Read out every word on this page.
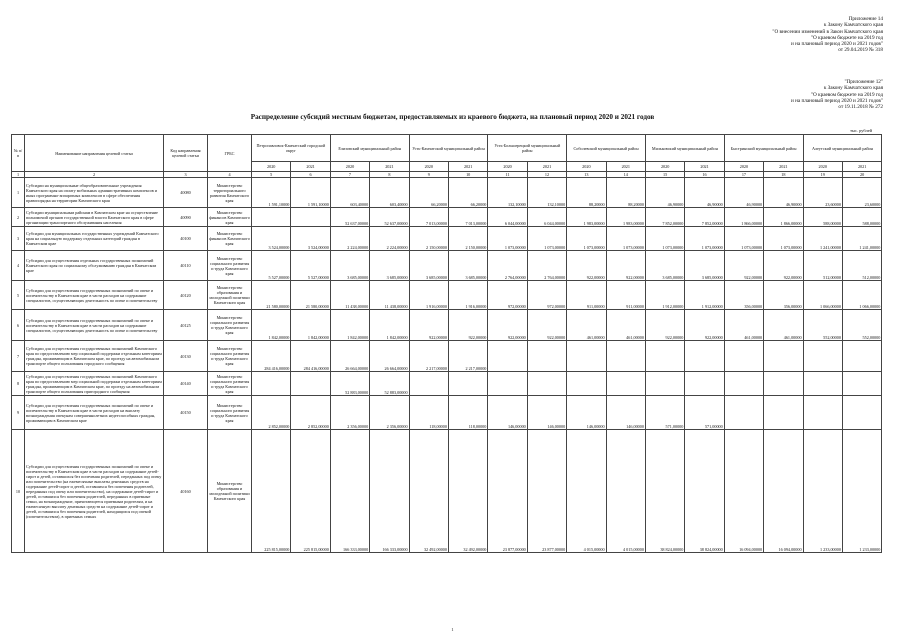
Приложение 14
к Закону Камчатского края
"О внесении изменений в Закон Камчатского края
"О краевом бюджете на 2019 год
и на плановый период 2020 и 2021 годов"
от 29.04.2019 № 318
"Приложение 12"
к Закону Камчатского края
"О краевом бюджете на 2019 год
и на плановый период 2020 и 2021 годов"
от 19.11.2018 № 272
Распределение субсидий местным бюджетам, предоставляемых из краевого бюджета, на плановый период 2020 и 2021 годов
тыс. рублей
№ п/п	Наименование направления целевой статьи	Код направления целевой статьи	ГРБС	Петропавловск-Камчатский городской округ		Елизовский муниципальный район		Усть-Камчатский муниципальный район		Усть-Большерецкий муниципальный район		Соболевский муниципальный район		Мильковский муниципальный район		Быстринский муниципальный район		Алеутский муниципальный район	
				2020	2021	2020	2021	2020	2021	2020	2021	2020	2021	2020	2021	2020	2021	2020	2021
1	2	3	4	5	6	7	8	9	10	11	12	13	14	15	16	17	18	19	20
1	Субсидии на муниципальные общеобразовательные учреждения Камчатского края на оплату мобильных административных комплексов и иных программно-аппаратных комплексов в сфере обеспечения правопорядка на территории Камчатского края	40080	Министерство территориального развития Камчатского края	1 591,10000	1 591,10000	603,40000	603,40000	66,20000	66,20000	132,10000	132,10000	88,20000	88,20000	46,90000	46,90000	46,90000	46,90000	23,60000	23,60000
2	Субсидии муниципальным районам в Камчатском крае на осуществление полномочий органов государственной власти Камчатского края в сфере организации транспортного обслуживания населения	40090	Министерство финансов Камчатского края			52 637,00000	52 637,00000	7 013,00000	7 013,00000	6 044,00000	6 044,00000	1 983,00000	1 983,00000	7 852,00000	7 852,00000	1 866,00000	1 866,00000	588,00000	588,00000
3	Субсидии для муниципальных государственных учреждений Камчатского края на социальную поддержку отдельных категорий граждан в Камчатском крае	40100	Министерство финансов Камчатского края	3 524,00000	3 524,00000	2 224,00000	2 224,00000	2 150,00000	2 150,00000	1 073,00000	1 073,00000	1 073,00000	1 073,00000	1 073,00000	1 073,00000	1 073,00000	1 073,00000	1 241,00000	1 241,00000
4	Субсидии для осуществления отдельных государственных полномочий Камчатского края по социальному обслуживанию граждан в Камчатском крае	40110	Министерство социального развития и труда Камчатского края	5 527,00000	5 527,00000	3 685,00000	3 685,00000	3 685,00000	3 685,00000	2 764,00000	2 764,00000	922,00000	922,00000	3 685,00000	3 685,00000	922,00000	922,00000	512,00000	512,00000
5	Субсидии для осуществления государственных полномочий по опеке и попечительству в Камчатском крае в части расходов на содержание специалистов, осуществляющих деятельность по опеке и попечительству	40120	Министерство образования и молодежной политики Камчатского края	21 580,00000	21 580,00000	11 438,00000	11 438,00000	1 916,00000	1 916,00000	972,00000	972,00000	911,00000	911,00000	1 912,00000	1 912,00000	356,00000	356,00000	1 066,00000	1 066,00000
6	Субсидии для осуществления государственных полномочий по опеке и попечительству в Камчатском крае в части расходов на содержание специалистов, осуществляющих деятельность по опеке и попечительству	40125	Министерство социального развития и труда Камчатского края	1 842,00000	1 842,00000	1 842,00000	1 842,00000	922,00000	922,00000	922,00000	922,00000	461,00000	461,00000	922,00000	922,00000	461,00000	461,00000	552,00000	552,00000
7	Субсидии для осуществления государственных полномочий Камчатского края по предоставлению мер социальной поддержки отдельным категориям граждан, проживающим в Камчатском крае, по проезду на автомобильном транспорте общего пользования городского сообщения	40130	Министерство социального развития и труда Камчатского края	284 416,00000	284 416,00000	26 664,00000	26 664,00000	2 217,00000	2 217,00000										
8	Субсидии для осуществления государственных полномочий Камчатского края по предоставлению мер социальной поддержки отдельным категориям граждан, проживающим в Камчатском крае, по проезду на автомобильном транспорте общего пользования пригородного сообщения	40140	Министерство социального развития и труда Камчатского края			52 883,00000	52 883,00000												
9	Субсидии для осуществления государственных полномочий по опеке и попечительству в Камчатском крае в части расходов на выплату вознаграждения опекунам совершеннолетних недееспособных граждан, проживающим в Камчатском крае	40150	Министерство социального развития и труда Камчатского края	2 852,00000	2 852,00000	2 356,00000	2 356,00000	118,00000	118,00000	146,00000	146,00000	146,00000	146,00000	571,00000	571,00000				
10	Субсидии для осуществления государственных полномочий по опеке и попечительству в Камчатском крае в части расходов на содержание детей-сирот и детей, оставшихся без попечения родителей, переданных под опеку или попечительство (на ежемесячные выплаты денежных средств на содержание детей-сирот и детей, оставшихся без попечения родителей, переданных под опеку или попечительство), на содержание детей-сирот и детей, оставшихся без попечения родителей, переданных в приемные семьи, на вознаграждение, причитающееся приемным родителям, и на ежемесячную выплату денежных средств на содержание детей-сирот и детей, оставшихся без попечения родителей, находящихся под опекой (попечительством), в приемных семьях	40160	Министерство образования и молодежной политики Камчатского края	225 815,00000	225 815,00000	166 333,00000	166 333,00000	32 492,00000	32 492,00000	23 877,00000	23 877,00000	4 015,00000	4 015,00000	38 824,00000	38 824,00000	16 094,00000	16 094,00000	1 233,00000	1 233,00000
1
